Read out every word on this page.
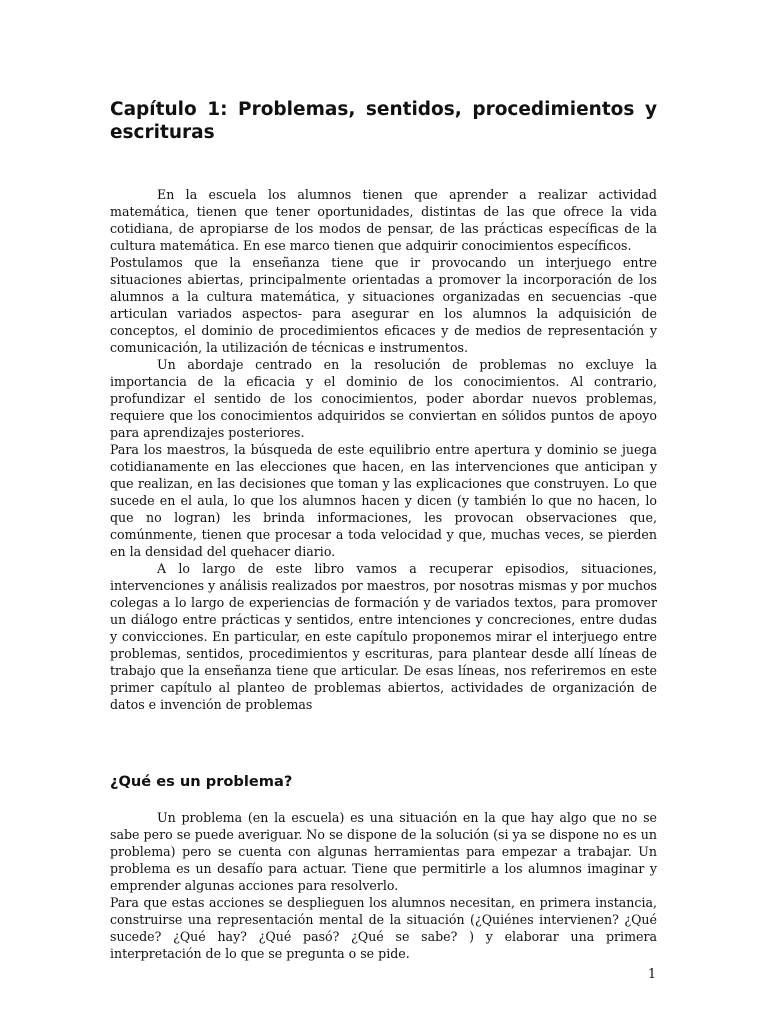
Capítulo 1: Problemas, sentidos, procedimientos y escrituras

En la escuela los alumnos tienen que aprender a realizar actividad matemática, tienen que tener oportunidades, distintas de las que ofrece la vida cotidiana, de apropiarse de los modos de pensar, de las prácticas específicas de la cultura matemática. En ese marco tienen que adquirir conocimientos específicos.

Postulamos que la enseñanza tiene que ir provocando un interjuego entre situaciones abiertas, principalmente orientadas a promover la incorporación de los alumnos a la cultura matemática, y situaciones organizadas en secuencias -que articulan variados aspectos- para asegurar en los alumnos la adquisición de conceptos, el dominio de procedimientos eficaces y de medios de representación y comunicación, la utilización de técnicas e instrumentos.

Un abordaje centrado en la resolución de problemas no excluye la importancia de la eficacia y el dominio de los conocimientos. Al contrario, profundizar el sentido de los conocimientos, poder abordar nuevos problemas, requiere que los conocimientos adquiridos se conviertan en sólidos puntos de apoyo para aprendizajes posteriores.

Para los maestros, la búsqueda de este equilibrio entre apertura y dominio se juega cotidianamente en las elecciones que hacen, en las intervenciones que anticipan y que realizan, en las decisiones que toman y las explicaciones que construyen. Lo que sucede en el aula, lo que los alumnos hacen y dicen (y también lo que no hacen, lo que no logran) les brinda informaciones, les provocan observaciones que, comúnmente, tienen que procesar a toda velocidad y que, muchas veces, se pierden en la densidad del quehacer diario.

A lo largo de este libro vamos a recuperar episodios, situaciones, intervenciones y análisis realizados por maestros, por nosotras mismas y por muchos colegas a lo largo de experiencias de formación y de variados textos, para promover un diálogo entre prácticas y sentidos, entre intenciones y concreciones, entre dudas y convicciones. En particular, en este capítulo proponemos mirar el interjuego entre problemas, sentidos, procedimientos y escrituras, para plantear desde allí líneas de trabajo que la enseñanza tiene que articular. De esas líneas, nos referiremos en este primer capítulo al planteo de problemas abiertos, actividades de organización de datos e invención de problemas

¿Qué es un problema?

Un problema (en la escuela) es una situación en la que hay algo que no se sabe pero se puede averiguar. No se dispone de la solución (si ya se dispone no es un problema) pero se cuenta con algunas herramientas para empezar a trabajar. Un problema es un desafío para actuar. Tiene que permitirle a los alumnos imaginar y emprender algunas acciones para resolverlo.

Para que estas acciones se desplieguen los alumnos necesitan, en primera instancia, construirse una representación mental de la situación (¿Quiénes intervienen? ¿Qué sucede? ¿Qué hay? ¿Qué pasó? ¿Qué se sabe? ) y elaborar una primera interpretación de lo que se pregunta o se pide.

1
